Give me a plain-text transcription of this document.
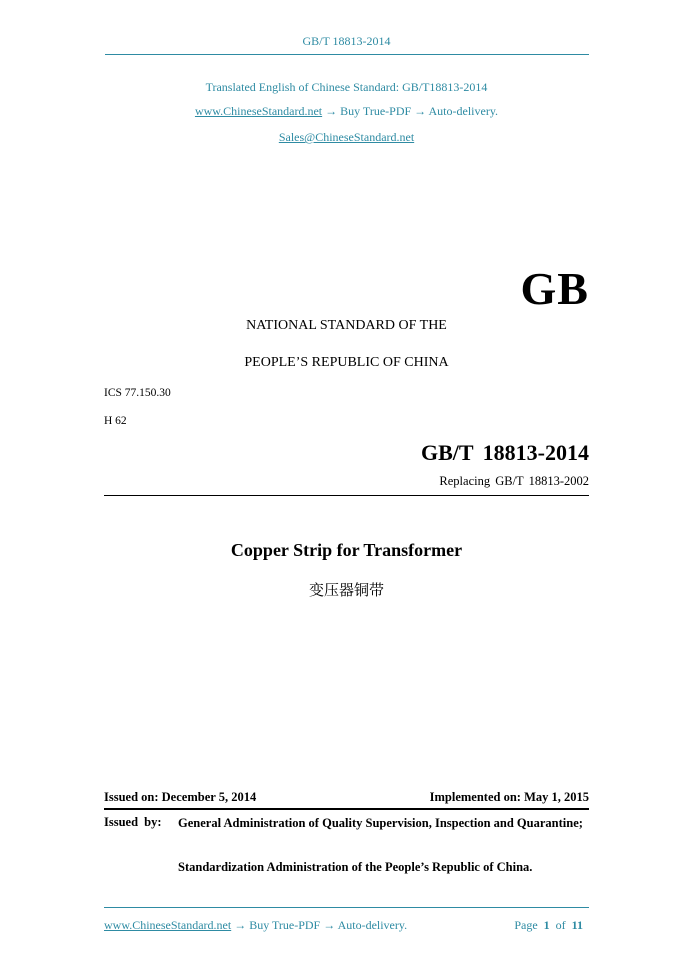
GB/T 18813-2014
Translated English of Chinese Standard: GB/T18813-2014
www.ChineseStandard.net → Buy True-PDF → Auto-delivery.
Sales@ChineseStandard.net
GB
NATIONAL STANDARD OF THE
PEOPLE’S REPUBLIC OF CHINA
ICS 77.150.30
H 62
GB/T 18813-2014
Replacing GB/T 18813-2002
Copper Strip for Transformer
变压器铜带
Issued on: December 5, 2014	Implemented on: May 1, 2015
Issued by: General Administration of Quality Supervision, Inspection and Quarantine;
Standardization Administration of the People’s Republic of China.
www.ChineseStandard.net → Buy True-PDF → Auto-delivery.	Page 1 of 11
